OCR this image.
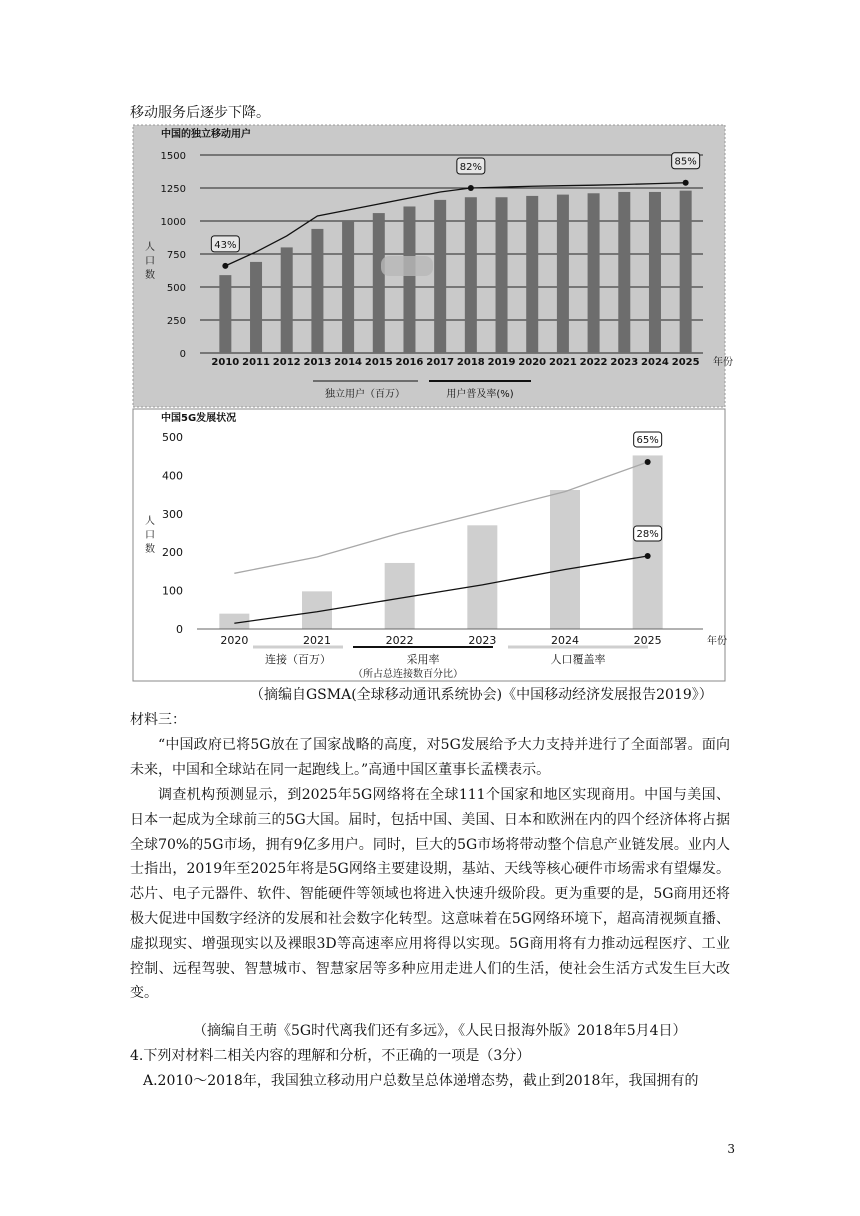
移动服务后逐步下降。
中国的独立移动用户
0
250
500
750
1000
1250
1500
人
口
数
2010 2011 2012 2013 2014 2015 2016 2017 2018 2019 2020 2021 2022 2023 2024 2025 年份
43%
82%	85%
独立用户（百万）	用户普及率(%)
中国5G发展状况
0
100
200
300
400
500
人
口
数
2020	2021	2022	2023	2024	2025	年份
28%
65%
连接（百万）	采用率	人口覆盖率
（所占总连接数百分比）
（摘编自GSMA(全球移动通讯系统协会)《中国移动经济发展报告2019》）
材料三：
“中国政府已将5G放在了国家战略的高度，对5G发展给予大力支持并进行了全面部署。面向未来，中国和全球站在同一起跑线上。”高通中国区董事长孟樸表示。
调查机构预测显示，到2025年5G网络将在全球111个国家和地区实现商用。中国与美国、日本一起成为全球前三的5G大国。届时，包括中国、美国、日本和欧洲在内的四个经济体将占据全球70%的5G市场，拥有9亿多用户。同时，巨大的5G市场将带动整个信息产业链发展。业内人士指出，2019年至2025年将是5G网络主要建设期，基站、天线等核心硬件市场需求有望爆发。芯片、电子元器件、软件、智能硬件等领域也将进入快速升级阶段。更为重要的是，5G商用还将极大促进中国数字经济的发展和社会数字化转型。这意味着在5G网络环境下，超高清视频直播、虚拟现实、增强现实以及裸眼3D等高速率应用将得以实现。5G商用将有力推动远程医疗、工业控制、远程驾驶、智慧城市、智慧家居等多种应用走进人们的生活，使社会生活方式发生巨大改变。
（摘编自王萌《5G时代离我们还有多远》，《人民日报海外版》2018年5月4日）
4.下列对材料二相关内容的理解和分析，不正确的一项是（3分）
A.2010～2018年，我国独立移动用户总数呈总体递增态势，截止到2018年，我国拥有的
3
